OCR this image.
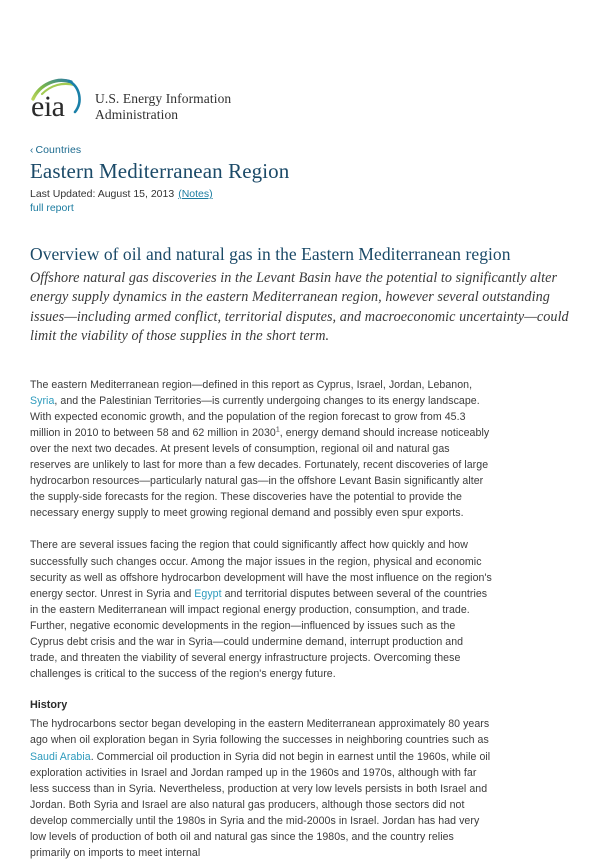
eia U.S. Energy Information
Administration
‹ Countries
Eastern Mediterranean Region
Last Updated: August 15, 2013 (Notes)
full report
Overview of oil and natural gas in the Eastern Mediterranean region

Offshore natural gas discoveries in the Levant Basin have the potential to significantly alter energy supply dynamics in the eastern Mediterranean region, however several outstanding issues—including armed conflict, territorial disputes, and macroeconomic uncertainty—could limit the viability of those supplies in the short term.

The eastern Mediterranean region—defined in this report as Cyprus, Israel, Jordan, Lebanon, Syria, and the Palestinian Territories—is currently undergoing changes to its energy landscape. With expected economic growth, and the population of the region forecast to grow from 45.3 million in 2010 to between 58 and 62 million in 2030$^1$, energy demand should increase noticeably over the next two decades. At present levels of consumption, regional oil and natural gas reserves are unlikely to last for more than a few decades. Fortunately, recent discoveries of large hydrocarbon resources—particularly natural gas—in the offshore Levant Basin significantly alter the supply-side forecasts for the region. These discoveries have the potential to provide the necessary energy supply to meet growing regional demand and possibly even spur exports.

There are several issues facing the region that could significantly affect how quickly and how successfully such changes occur. Among the major issues in the region, physical and economic security as well as offshore hydrocarbon development will have the most influence on the region's energy sector. Unrest in Syria and Egypt and territorial disputes between several of the countries in the eastern Mediterranean will impact regional energy production, consumption, and trade. Further, negative economic developments in the region—influenced by issues such as the Cyprus debt crisis and the war in Syria—could undermine demand, interrupt production and trade, and threaten the viability of several energy infrastructure projects. Overcoming these challenges is critical to the success of the region's energy future.

History

The hydrocarbons sector began developing in the eastern Mediterranean approximately 80 years ago when oil exploration began in Syria following the successes in neighboring countries such as Saudi Arabia. Commercial oil production in Syria did not begin in earnest until the 1960s, while oil exploration activities in Israel and Jordan ramped up in the 1960s and 1970s, although with far less success than in Syria. Nevertheless, production at very low levels persists in both Israel and Jordan. Both Syria and Israel are also natural gas producers, although those sectors did not develop commercially until the 1980s in Syria and the mid-2000s in Israel. Jordan has had very low levels of production of both oil and natural gas since the 1980s, and the country relies primarily on imports to meet internal
